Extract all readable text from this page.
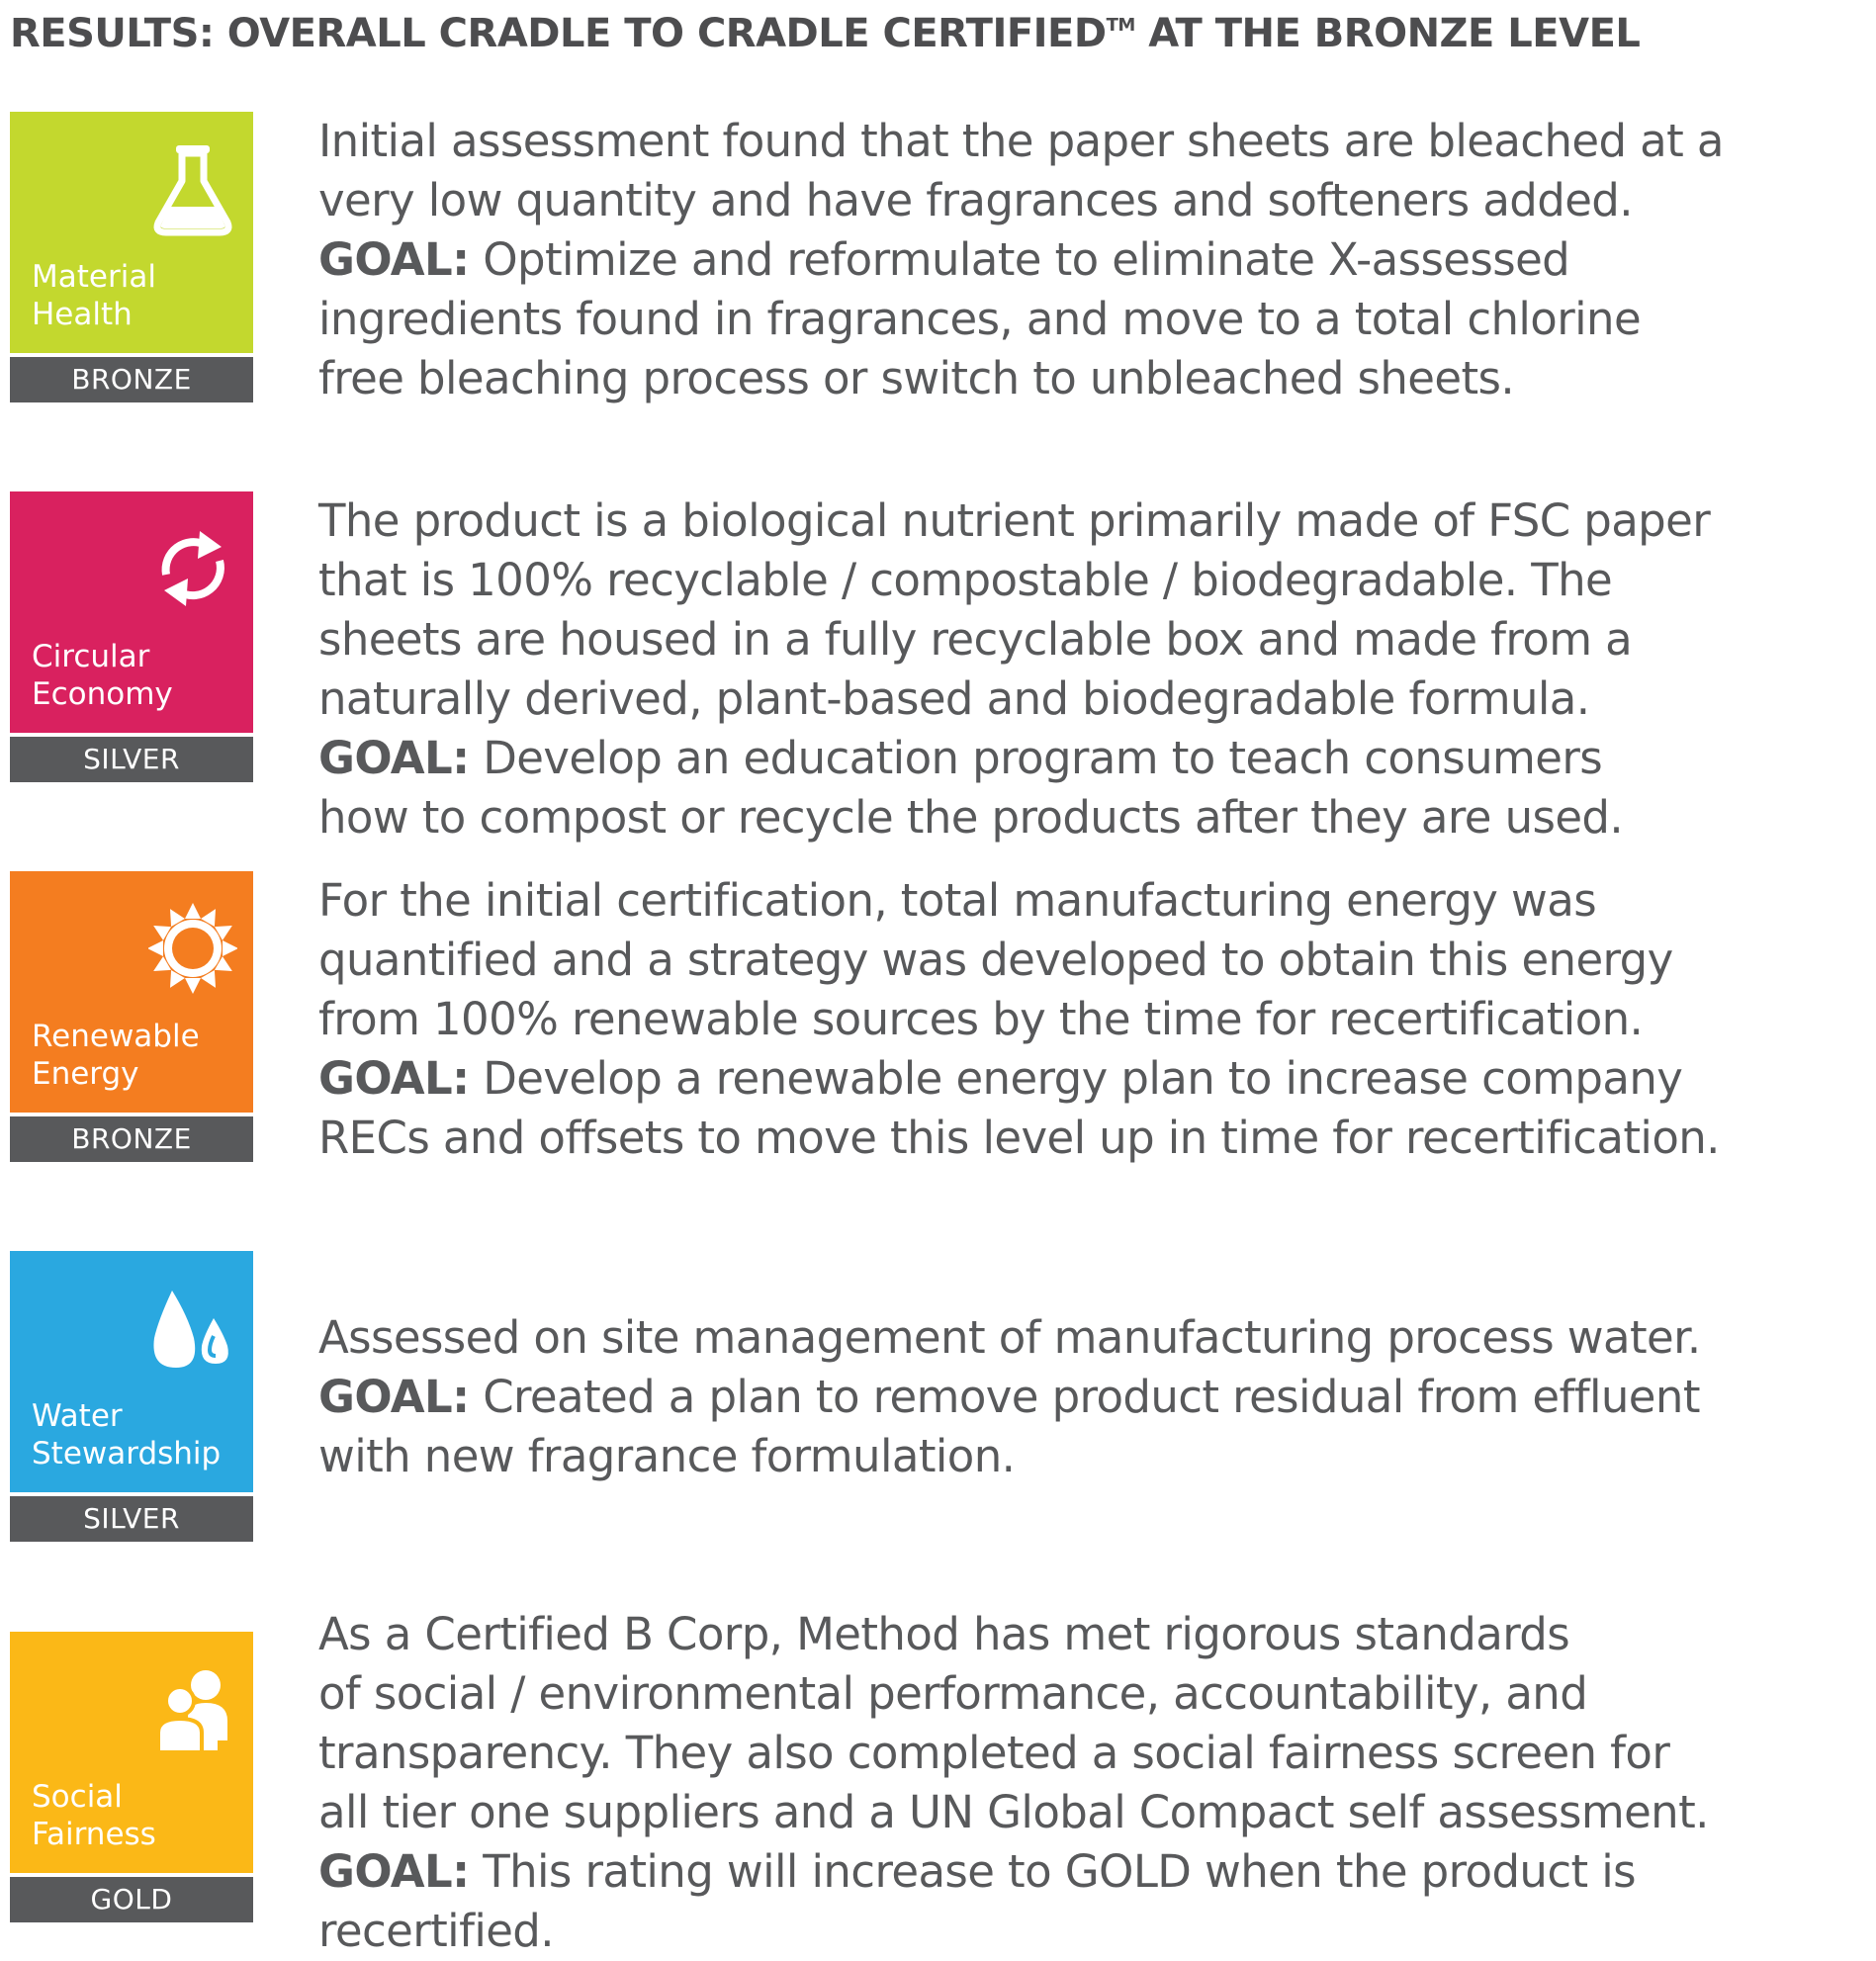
RESULTS: OVERALL CRADLE TO CRADLE CERTIFIED™ AT THE BRONZE LEVEL
Material
Health
BRONZE
Initial assessment found that the paper sheets are bleached at a
very low quantity and have fragrances and softeners added.
GOAL: Optimize and reformulate to eliminate X-assessed
ingredients found in fragrances, and move to a total chlorine
free bleaching process or switch to unbleached sheets.
Circular
Economy
SILVER
The product is a biological nutrient primarily made of FSC paper
that is 100% recyclable / compostable / biodegradable. The
sheets are housed in a fully recyclable box and made from a
naturally derived, plant-based and biodegradable formula.
GOAL: Develop an education program to teach consumers
how to compost or recycle the products after they are used.
Renewable
Energy
BRONZE
For the initial certification, total manufacturing energy was
quantified and a strategy was developed to obtain this energy
from 100% renewable sources by the time for recertification.
GOAL: Develop a renewable energy plan to increase company
RECs and offsets to move this level up in time for recertification.
Water
Stewardship
SILVER
Assessed on site management of manufacturing process water.
GOAL: Created a plan to remove product residual from effluent
with new fragrance formulation.
Social
Fairness
GOLD
As a Certified B Corp, Method has met rigorous standards
of social / environmental performance, accountability, and
transparency. They also completed a social fairness screen for
all tier one suppliers and a UN Global Compact self assessment.
GOAL: This rating will increase to GOLD when the product is
recertified.
